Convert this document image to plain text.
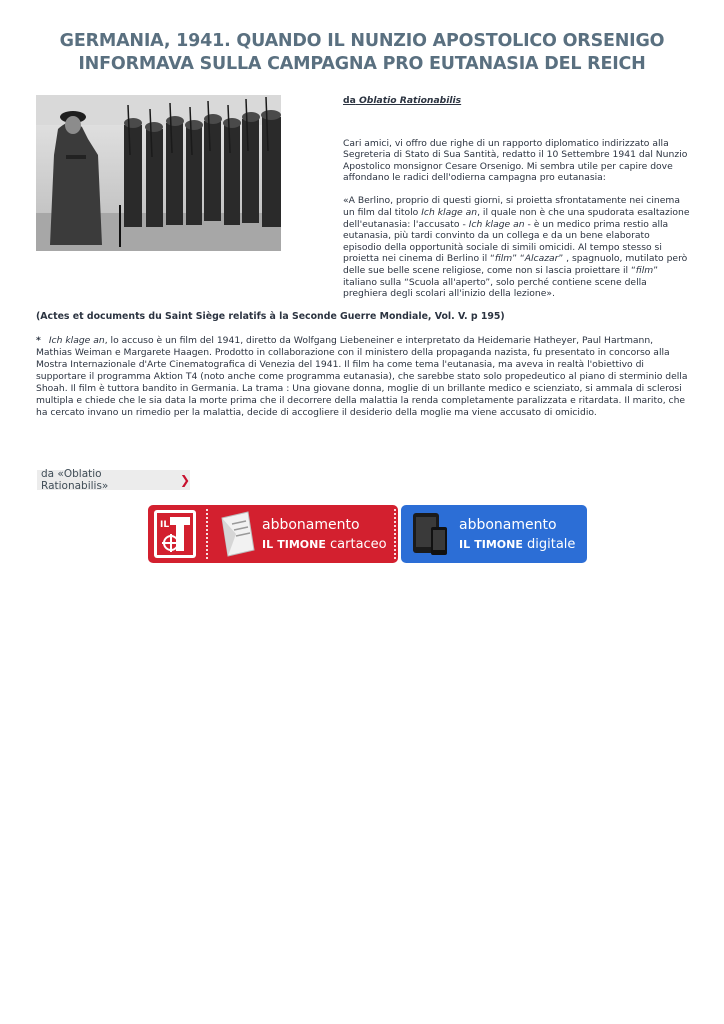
GERMANIA, 1941. QUANDO IL NUNZIO APOSTOLICO ORSENIGO
INFORMAVA SULLA CAMPAGNA PRO EUTANASIA DEL REICH

da Oblatio Rationabilis

Cari amici, vi offro due righe di un rapporto diplomatico indirizzato alla Segreteria di Stato di Sua Santità, redatto il 10 Settembre 1941 dal Nunzio Apostolico monsignor Cesare Orsenigo. Mi sembra utile per capire dove affondano le radici dell'odierna campagna pro eutanasia:

«A Berlino, proprio di questi giorni, si proietta sfrontatamente nei cinema un film dal titolo Ich klage an, il quale non è che una spudorata esaltazione dell'eutanasia: l'accusato - Ich klage an - è un medico prima restio alla eutanasia, più tardi convinto da un collega e da un bene elaborato episodio della opportunità sociale di simili omicidi. Al tempo stesso si proietta nei cinema di Berlino il “film” “Alcazar” , spagnuolo, mutilato però delle sue belle scene religiose, come non si lascia proiettare il “film” italiano sulla “Scuola all'aperto”, solo perché contiene scene della preghiera degli scolari all'inizio della lezione».

(Actes et documents du Saint Siège relatifs à la Seconde Guerre Mondiale, Vol. V. p 195)
* Ich klage an, lo accuso è un film del 1941, diretto da Wolfgang Liebeneiner e interpretato da Heidemarie Hatheyer, Paul Hartmann, Mathias Weiman e Margarete Haagen. Prodotto in collaborazione con il ministero della propaganda nazista, fu presentato in concorso alla Mostra Internazionale d'Arte Cinematografica di Venezia del 1941. Il film ha come tema l'eutanasia, ma aveva in realtà l'obiettivo di supportare il programma Aktion T4 (noto anche come programma eutanasia), che sarebbe stato solo propedeutico al piano di sterminio della Shoah. Il film è tuttora bandito in Germania. La trama : Una giovane donna, moglie di un brillante medico e scienziato, si ammala di sclerosi multipla e chiede che le sia data la morte prima che il decorrere della malattia la renda completamente paralizzata e ritardata. Il marito, che ha cercato invano un rimedio per la malattia, decide di accogliere il desiderio della moglie ma viene accusato di omicidio.
da «Oblatio Rationabilis»	❯
IL	abbonamento
IL TIMONE cartaceo
abbonamento
IL TIMONE digitale
